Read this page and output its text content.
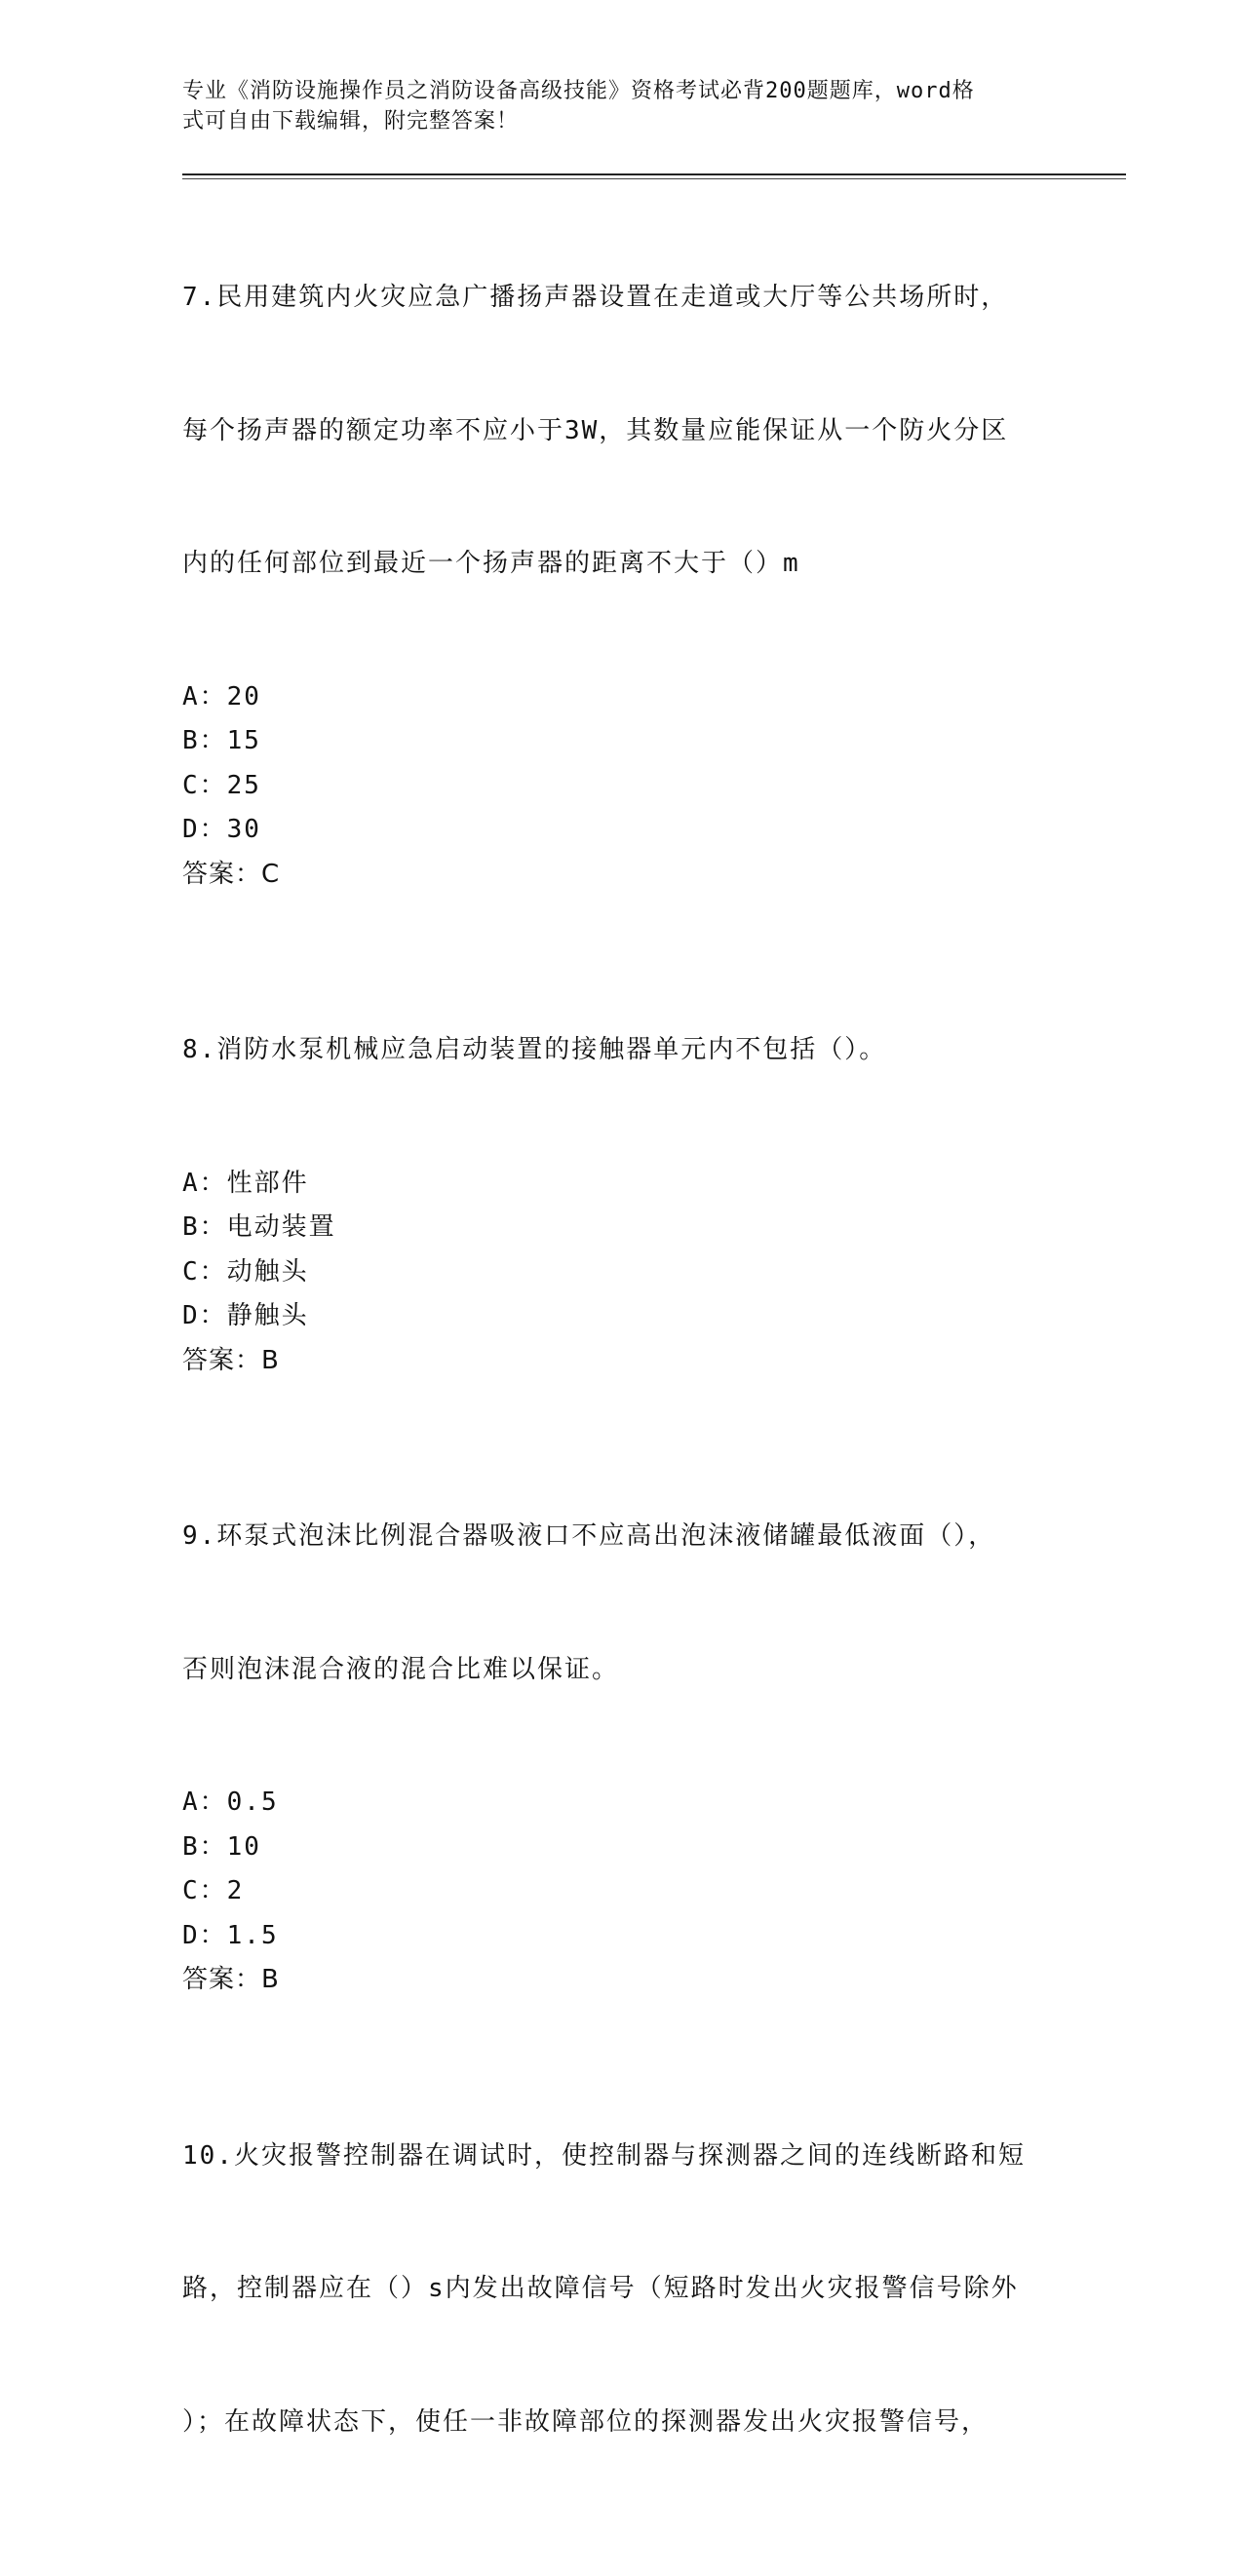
专业《消防设施操作员之消防设备高级技能》资格考试必背200题题库，word格
式可自由下载编辑，附完整答案！

7.民用建筑内火灾应急广播扬声器设置在走道或大厅等公共场所时，

每个扬声器的额定功率不应小于3W，其数量应能保证从一个防火分区

内的任何部位到最近一个扬声器的距离不大于（）m

A：20
B：15
C：25
D：30
答案：C

8.消防水泵机械应急启动装置的接触器单元内不包括（）。

A：性部件
B：电动装置
C：动触头
D：静触头
答案：B

9.环泵式泡沫比例混合器吸液口不应高出泡沫液储罐最低液面（），

否则泡沫混合液的混合比难以保证。

A：0.5
B：10
C：2
D：1.5
答案：B

10.火灾报警控制器在调试时，使控制器与探测器之间的连线断路和短

路，控制器应在（）s内发出故障信号（短路时发出火灾报警信号除外

）；在故障状态下，使任一非故障部位的探测器发出火灾报警信号，
